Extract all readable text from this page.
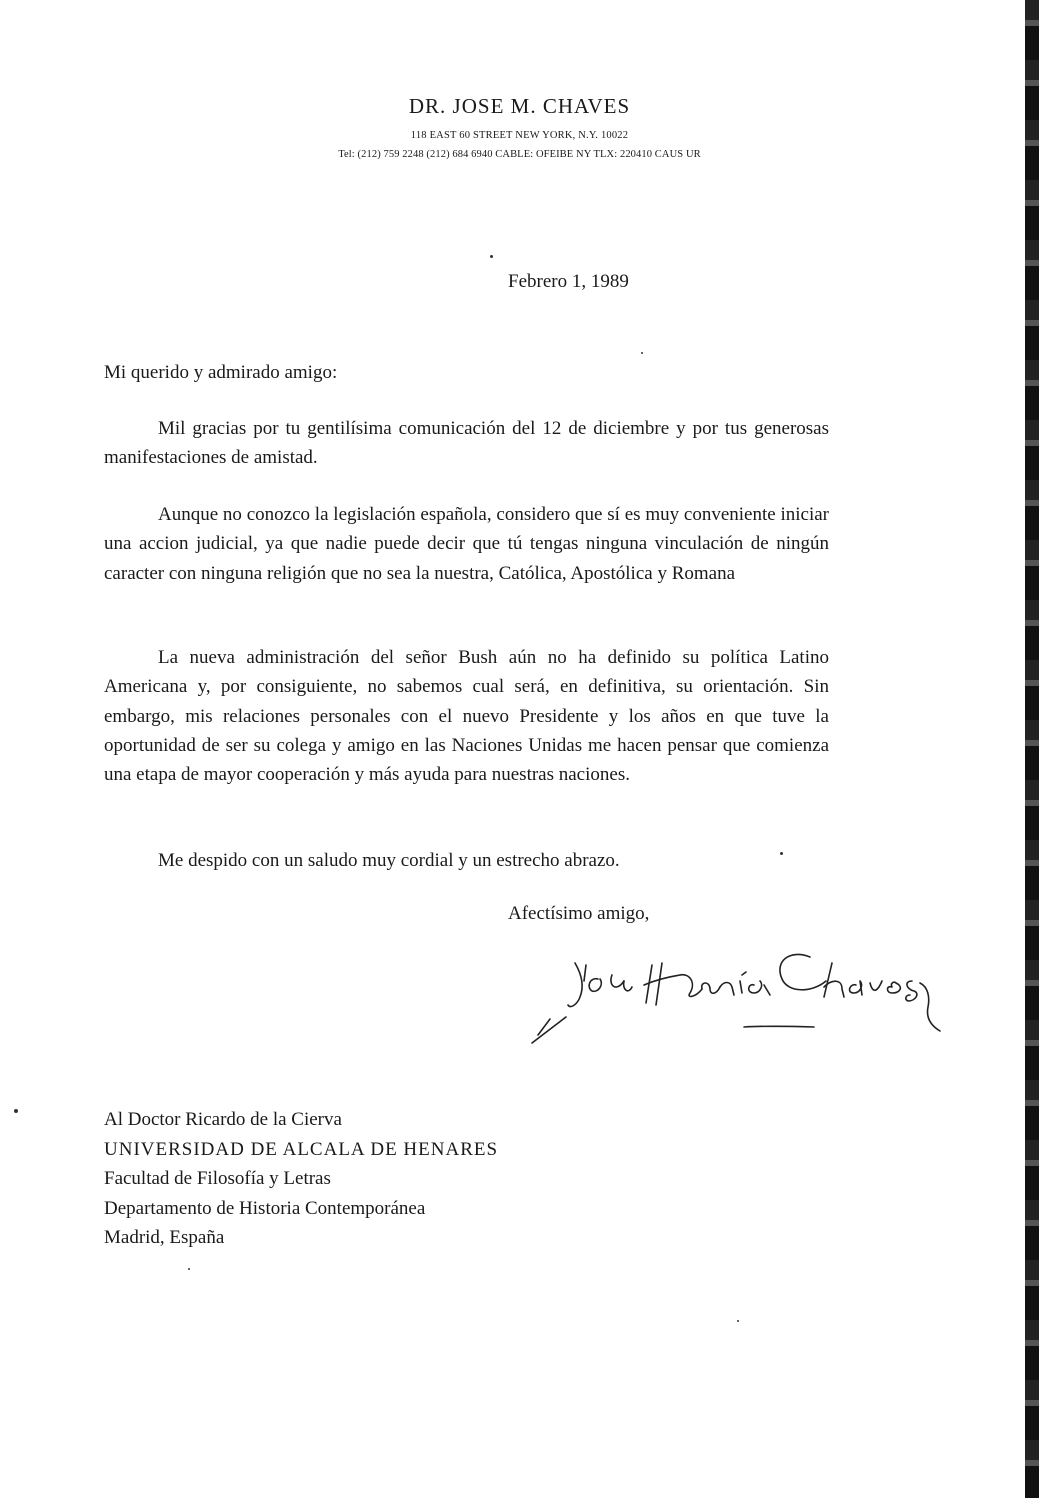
DR. JOSE M. CHAVES
118 EAST 60 STREET NEW YORK, N.Y. 10022
Tel: (212) 759 2248 (212) 684 6940 CABLE: OFEIBE NY TLX: 220410 CAUS UR
Febrero 1, 1989
Mi querido y admirado amigo:
Mil gracias por tu gentilísima comunicación del 12 de diciembre y por tus generosas manifestaciones de amistad.
Aunque no conozco la legislación española, considero que sí es muy conveniente iniciar una accion judicial, ya que nadie puede decir que tú tengas ninguna vinculación de ningún caracter con ninguna religión que no sea la nuestra, Católica, Apostólica y Romana
La nueva administración del señor Bush aún no ha definido su política Latino Americana y, por consiguiente, no sabemos cual será, en definitiva, su orientación. Sin embargo, mis relaciones personales con el nuevo Presidente y los años en que tuve la oportunidad de ser su colega y amigo en las Naciones Unidas me hacen pensar que comienza una etapa de mayor cooperación y más ayuda para nuestras naciones.
Me despido con un saludo muy cordial y un estrecho abrazo.
Afectísimo amigo,
Al Doctor Ricardo de la Cierva
UNIVERSIDAD DE ALCALA DE HENARES
Facultad de Filosofía y Letras
Departamento de Historia Contemporánea
Madrid, España
